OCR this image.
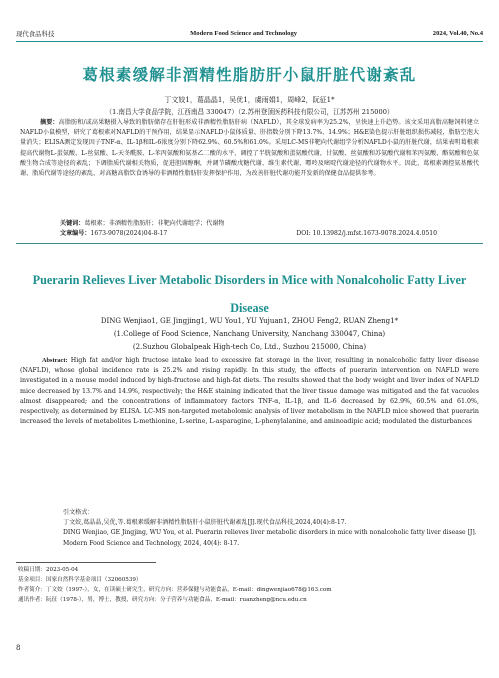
现代食品科技	Modern Food Science and Technology	2024, Vol.40, No.4
葛根素缓解非酒精性脂肪肝小鼠肝脏代谢紊乱
丁文姣1，葛晶晶1，吴优1，虞雨娟1，周峰2，阮征1*
（1.南昌大学食品学院，江西南昌 330047）（2.苏州登顶医药科技有限公司，江苏苏州 215000）
摘要：高脂肪和/或高果糖摄入导致的脂肪储存在肝脏形成非酒精性脂肪肝病（NAFLD），其全球发病率为25.2%，呈快速上升趋势。该文采用高脂高糖饲料建立NAFLD小鼠模型，研究了葛根素对NAFLD的干预作用，结果显示NAFLD小鼠体质量、肝指数分别下降13.7%、14.9%；H&E染色提示肝脏组织损伤减轻，脂肪空泡大量消失；ELISA测定发现因子TNF-α、IL-1β和IL-6浓度分别下降62.9%、60.5%和61.0%。采用LC-MS非靶向代谢组学分析NAFLD小鼠的肝脏代谢，结果表明葛根素提高代谢物L-蛋氨酸、L-丝氨酸、L-天冬酰胺、L-苯丙氨酸和氨基乙二酸的水平，调控了半胱氨酸和蛋氨酸代谢，甘氨酸、丝氨酸和苏氨酸代谢和苯丙氨酸、酪氨酸和色氨酸生物合成等途径的紊乱；下调脂质代谢相关物质，促进胆固醇酮，并调节磷酸戊糖代谢、维生素代谢，嘌呤及嘧啶代谢途径的代谢物水平。因此，葛根素调控氨基酸代谢，脂质代谢等途径的紊乱，对高糖高脂饮食诱导的非酒精性脂肪肝发挥保护作用，为改善肝脏代谢功能开发新的保健食品提供参考。
关键词：葛根素；非酒精性脂肪肝；非靶向代谢组学；代谢物
文章编号：1673-9078(2024)04-8-17	DOI: 10.13982/j.mfst.1673-9078.2024.4.0510
Puerarin Relieves Liver Metabolic Disorders in Mice with Nonalcoholic Fatty Liver Disease
DING Wenjiao1, GE Jingjing1, WU You1, YU Yujuan1, ZHOU Feng2, RUAN Zheng1*
(1.College of Food Science, Nanchang University, Nanchang 330047, China)
(2.Suzhou Globalpeak High-tech Co, Ltd., Suzhou 215000, China)
Abstract: High fat and/or high fructose intake lead to excessive fat storage in the liver, resulting in nonalcoholic fatty liver disease (NAFLD), whose global incidence rate is 25.2% and rising rapidly. In this study, the effects of puerarin intervention on NAFLD were investigated in a mouse model induced by high-fructose and high-fat diets. The results showed that the body weight and liver index of NAFLD mice decreased by 13.7% and 14.9%, respectively; the H&E staining indicated that the liver tissue damage was mitigated and the fat vacuoles almost disappeared; and the concentrations of inflammatory factors TNF-α, IL-1β, and IL-6 decreased by 62.9%, 60.5% and 61.0%, respectively, as determined by ELISA. LC-MS non-targeted metabolomic analysis of liver metabolism in the NAFLD mice showed that puerarin increased the levels of metabolites L-methionine, L-serine, L-asparagine, L-phenylalanine, and aminoadipic acid; modulated the disturbances
引文格式：
丁文姣,葛晶晶,吴优,等.葛根素缓解非酒精性脂肪肝小鼠肝脏代谢紊乱[J].现代食品科技,2024,40(4):8-17.
DING Wenjiao, GE Jingjing, WU You, et al. Puerarin relieves liver metabolic disorders in mice with nonalcoholic fatty liver disease [J]. Modern Food Science and Technology, 2024, 40(4): 8-17.
收稿日期：2023-05-04
基金项目：国家自然科学基金项目（32060539）
作者简介：丁文姣（1997-），女，在读硕士研究生，研究方向：营养保健与功能食品，E-mail：dingwenjiao678@163.com
通讯作者：阮征（1978-），男，博士，教授，研究方向：分子营养与功能食品，E-mail：ruanzheng@ncu.edu.cn
8
